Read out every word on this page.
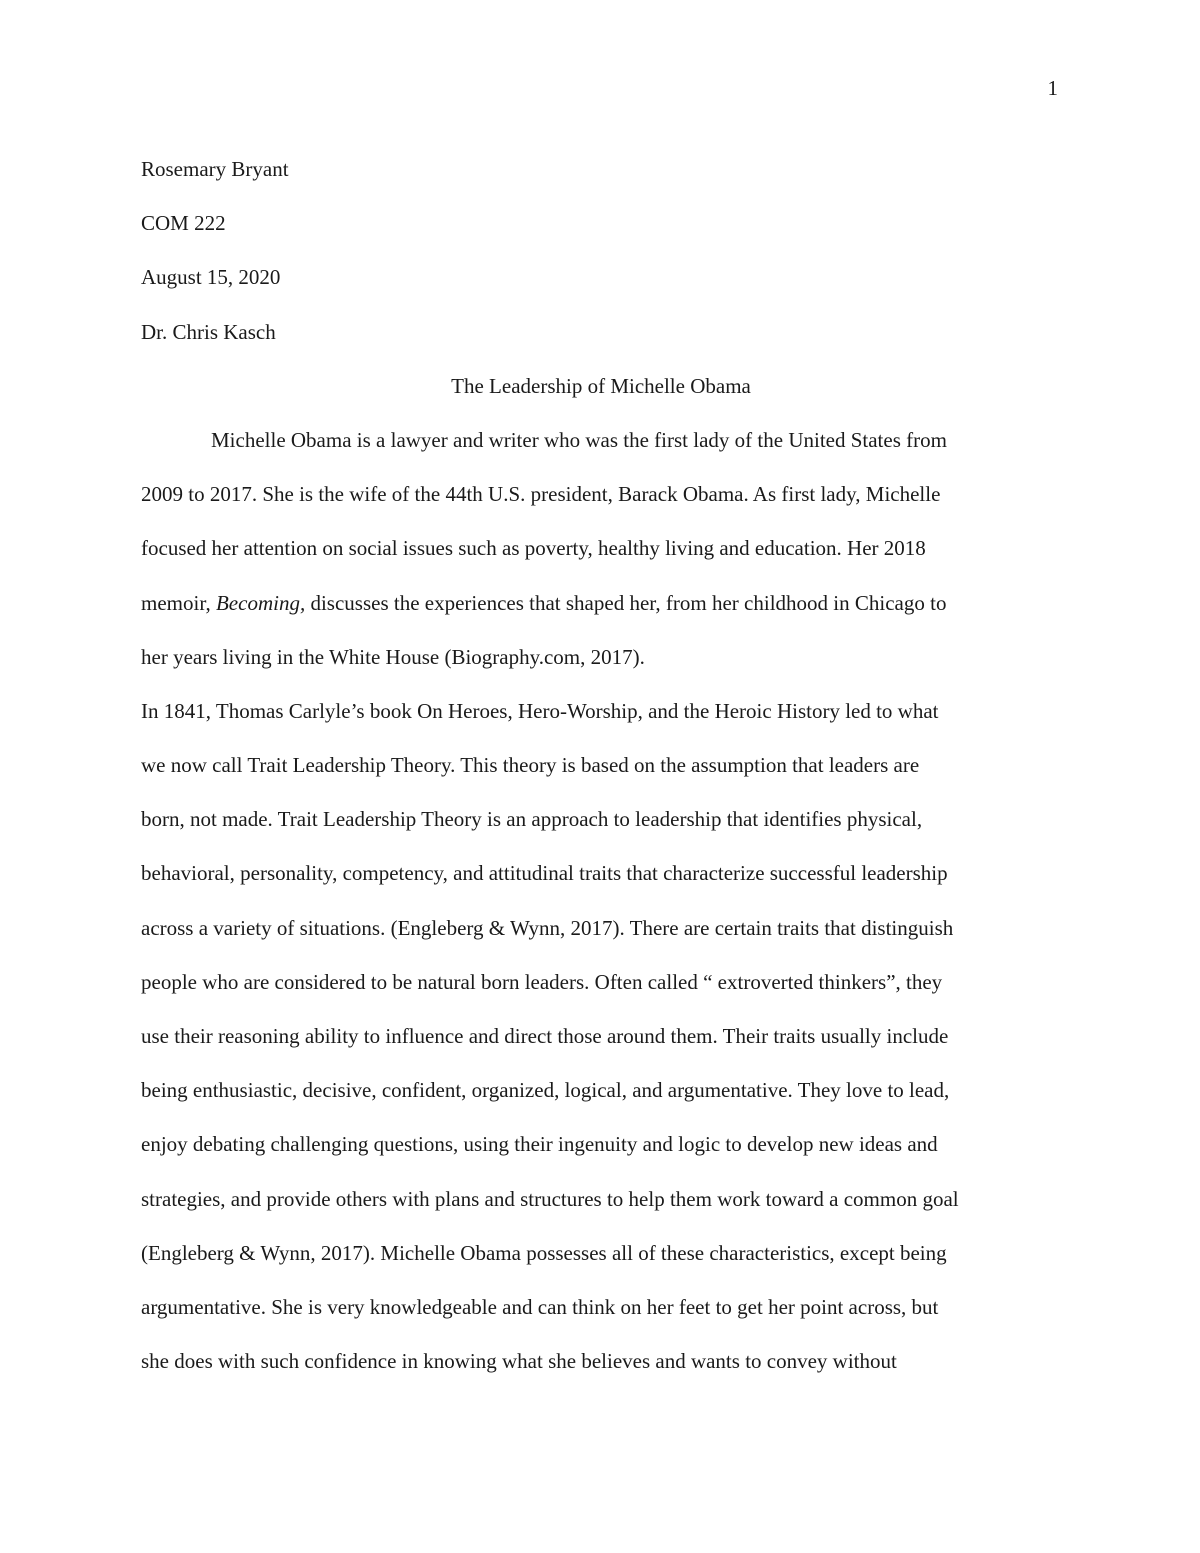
1
Rosemary Bryant
COM 222
August 15, 2020
Dr. Chris Kasch
The Leadership of Michelle Obama
Michelle Obama is a lawyer and writer who was the first lady of the United States from
2009 to 2017. She is the wife of the 44th U.S. president, Barack Obama. As first lady, Michelle
focused her attention on social issues such as poverty, healthy living and education. Her 2018
memoir, Becoming, discusses the experiences that shaped her, from her childhood in Chicago to
her years living in the White House (Biography.com, 2017).
In 1841, Thomas Carlyle’s book On Heroes, Hero-Worship, and the Heroic History led to what
we now call Trait Leadership Theory. This theory is based on the assumption that leaders are
born, not made. Trait Leadership Theory is an approach to leadership that identifies physical,
behavioral, personality, competency, and attitudinal traits that characterize successful leadership
across a variety of situations. (Engleberg & Wynn, 2017). There are certain traits that distinguish
people who are considered to be natural born leaders. Often called “ extroverted thinkers”, they
use their reasoning ability to influence and direct those around them. Their traits usually include
being enthusiastic, decisive, confident, organized, logical, and argumentative. They love to lead,
enjoy debating challenging questions, using their ingenuity and logic to develop new ideas and
strategies, and provide others with plans and structures to help them work toward a common goal
(Engleberg & Wynn, 2017). Michelle Obama possesses all of these characteristics, except being
argumentative. She is very knowledgeable and can think on her feet to get her point across, but
she does with such confidence in knowing what she believes and wants to convey without
